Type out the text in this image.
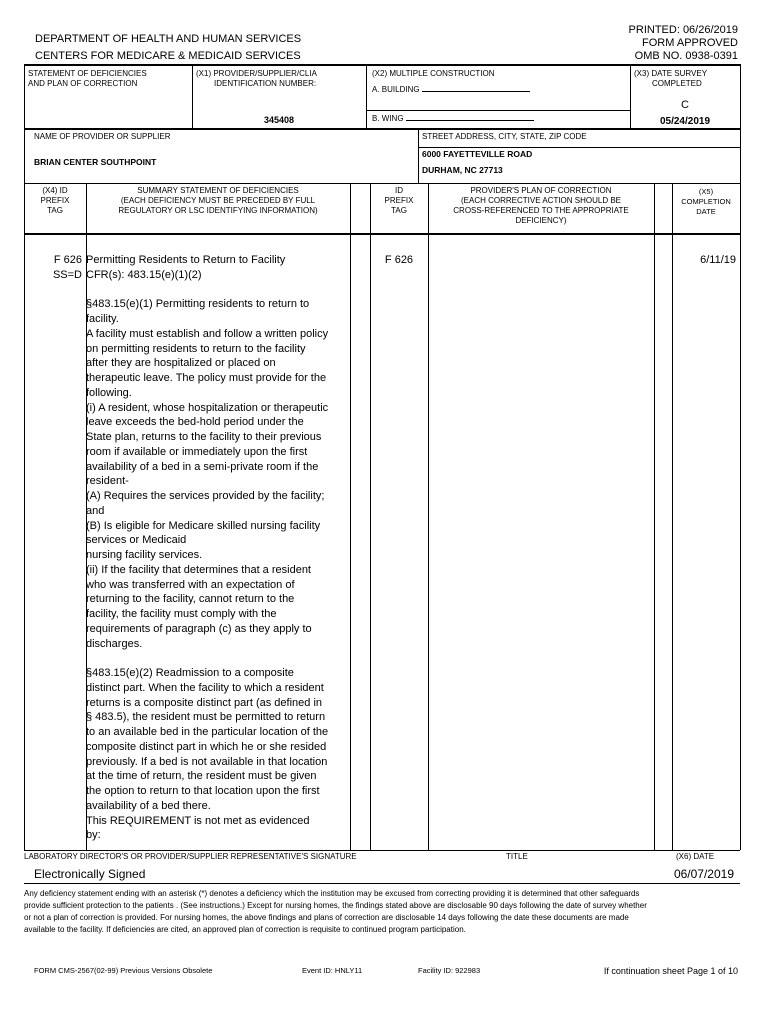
DEPARTMENT OF HEALTH AND HUMAN SERVICES
CENTERS FOR MEDICARE & MEDICAID SERVICES
PRINTED: 06/26/2019
FORM APPROVED
OMB NO. 0938-0391
STATEMENT OF DEFICIENCIES
AND PLAN OF CORRECTION
(X1) PROVIDER/SUPPLIER/CLIA
IDENTIFICATION NUMBER:
345408
(X2) MULTIPLE CONSTRUCTION
A. BUILDING
B. WING
(X3) DATE SURVEY
COMPLETED
C
05/24/2019
NAME OF PROVIDER OR SUPPLIER
BRIAN CENTER SOUTHPOINT
STREET ADDRESS, CITY, STATE, ZIP CODE
6000 FAYETTEVILLE ROAD
DURHAM, NC 27713
(X4) ID
PREFIX
TAG
SUMMARY STATEMENT OF DEFICIENCIES
(EACH DEFICIENCY MUST BE PRECEDED BY FULL
REGULATORY OR LSC IDENTIFYING INFORMATION)
ID
PREFIX
TAG
PROVIDER'S PLAN OF CORRECTION
(EACH CORRECTIVE ACTION SHOULD BE
CROSS-REFERENCED TO THE APPROPRIATE
DEFICIENCY)
(X5)
COMPLETION
DATE
F 626
SS=D
F 626	6/11/19
Permitting Residents to Return to Facility
CFR(s): 483.15(e)(1)(2)
§483.15(e)(1) Permitting residents to return to
facility.
A facility must establish and follow a written policy
on permitting residents to return to the facility
after they are hospitalized or placed on
therapeutic leave. The policy must provide for the
following.
(i) A resident, whose hospitalization or therapeutic
leave exceeds the bed-hold period under the
State plan, returns to the facility to their previous
room if available or immediately upon the first
availability of a bed in a semi-private room if the
resident-
(A) Requires the services provided by the facility;
and
(B) Is eligible for Medicare skilled nursing facility
services or Medicaid
nursing facility services.
(ii) If the facility that determines that a resident
who was transferred with an expectation of
returning to the facility, cannot return to the
facility, the facility must comply with the
requirements of paragraph (c) as they apply to
discharges.
§483.15(e)(2) Readmission to a composite
distinct part. When the facility to which a resident
returns is a composite distinct part (as defined in
§ 483.5), the resident must be permitted to return
to an available bed in the particular location of the
composite distinct part in which he or she resided
previously. If a bed is not available in that location
at the time of return, the resident must be given
the option to return to that location upon the first
availability of a bed there.
This REQUIREMENT is not met as evidenced
by:
LABORATORY DIRECTOR'S OR PROVIDER/SUPPLIER REPRESENTATIVE'S SIGNATURE
Electronically Signed
TITLE	(X6) DATE
06/07/2019
Any deficiency statement ending with an asterisk (*) denotes a deficiency which the institution may be excused from correcting providing it is determined that other safeguards provide sufficient protection to the patients . (See instructions.) Except for nursing homes, the findings stated above are disclosable 90 days following the date of survey whether or not a plan of correction is provided. For nursing homes, the above findings and plans of correction are disclosable 14 days following the date these documents are made available to the facility. If deficiencies are cited, an approved plan of correction is requisite to continued program participation.
FORM CMS-2567(02-99) Previous Versions Obsolete	Event ID: HNLY11	Facility ID: 922983	If continuation sheet Page 1 of 10
